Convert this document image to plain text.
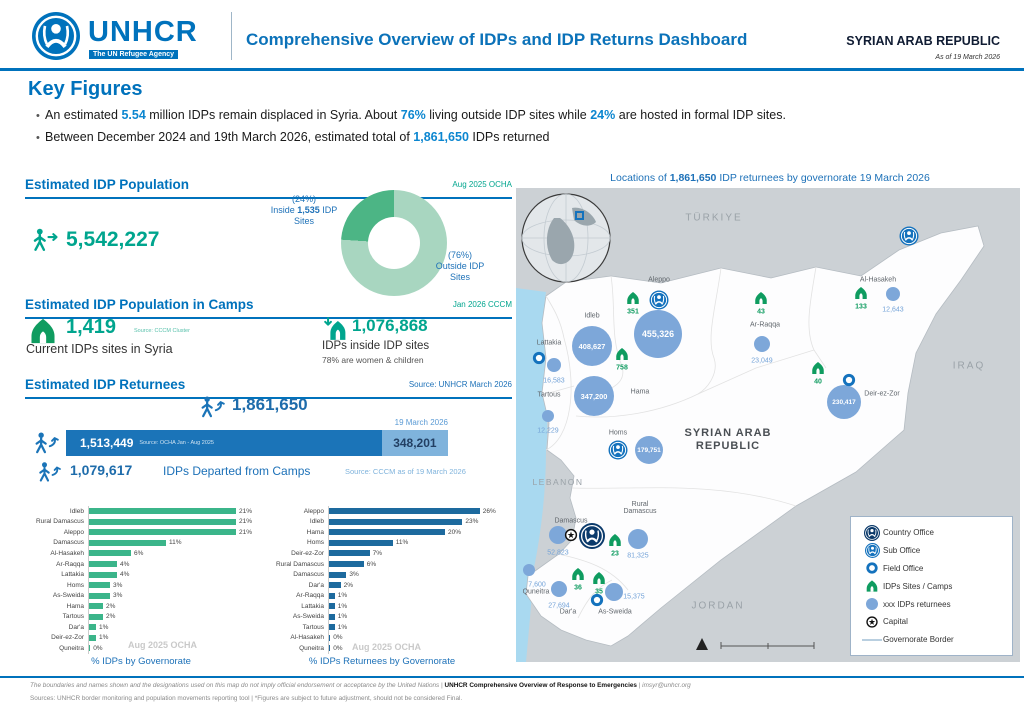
UNHCR
The UN Refugee Agency
Comprehensive Overview of IDPs and IDP Returns Dashboard	SYRIAN ARAB REPUBLIC
As of 19 March 2026
Key Figures
• An estimated 5.54 million IDPs remain displaced in Syria. About 76% living outside IDP sites while 24% are hosted in formal IDP sites.
• Between December 2024 and 19th March 2026, estimated total of 1,861,650 IDPs returned
Aug 2025 OCHA
Estimated IDP Population
5,542,227
(24%)
Inside 1,535 IDP
Sites
(76%)
Outside IDP
Sites
Jan 2026 CCCM
Estimated IDP Population in Camps
1,419	Source: CCCM Cluster
Current IDPs sites in Syria
1,076,868
IDPs inside IDP sites
78% are women & children
Source: UNHCR March 2026
Estimated IDP Returnees
1,861,650
19 March 2026
1,513,449 Source: OCHA Jan - Aug 2025	348,201
1,079,617	IDPs Departed from Camps	Source: CCCM as of 19 March 2026
Idleb	21%
Rural Damascus	21%
Aleppo	21%
Damascus	11%
Al-Hasakeh	6%
Ar-Raqqa	4%
Lattakia	4%
Homs	3%
As-Sweida	3%
Hama	2%
Tartous	2%
Dar'a	1%
Deir-ez-Zor	1%
Quneitra	0%
Aleppo	26%
Idleb	23%
Hama	20%
Homs	11%
Deir-ez-Zor	7%
Rural Damascus	6%
Damascus	3%
Dar'a	2%
Ar-Raqqa	1%
Lattakia	1%
As-Sweida	1%
Tartous	1%
Al-Hasakeh	0%
Quneitra	0%
Aug 2025 OCHA	Aug 2025 OCHA
% IDPs by Governorate	% IDPs Returnees by Governorate
Locations of 1,861,650 IDP returnees by governorate 19 March 2026
351
455,326
408,627
758
16,583
12,229
347,200
43
23,049
133	12,643
40
230,417
179,751
52,823	23	81,325
7,600	36
27,694
35
15,375
Aleppo
Idleb
Lattakia
Tartous	Hama
Homs
Ar-Raqqa
Al-Hasakeh
Deir-ez-Zor
Damascus
Rural
Damascus
Quneitra
Dar'a	As-Sweida
TÜRKIYE
IRAQ
JORDAN
LEBANON
SYRIAN ARAB
REPUBLIC
Country Office
Sub Office
Field Office
IDPs Sites / Camps
xxx IDPs returnees
Capital
Governorate Border
The boundaries and names shown and the designations used on this map do not imply official endorsement or acceptance by the United Nations | UNHCR Comprehensive Overview of Response to Emergencies | imsyr@unhcr.org
Sources: UNHCR border monitoring and population movements reporting tool | *Figures are subject to future adjustment, should not be considered Final.
